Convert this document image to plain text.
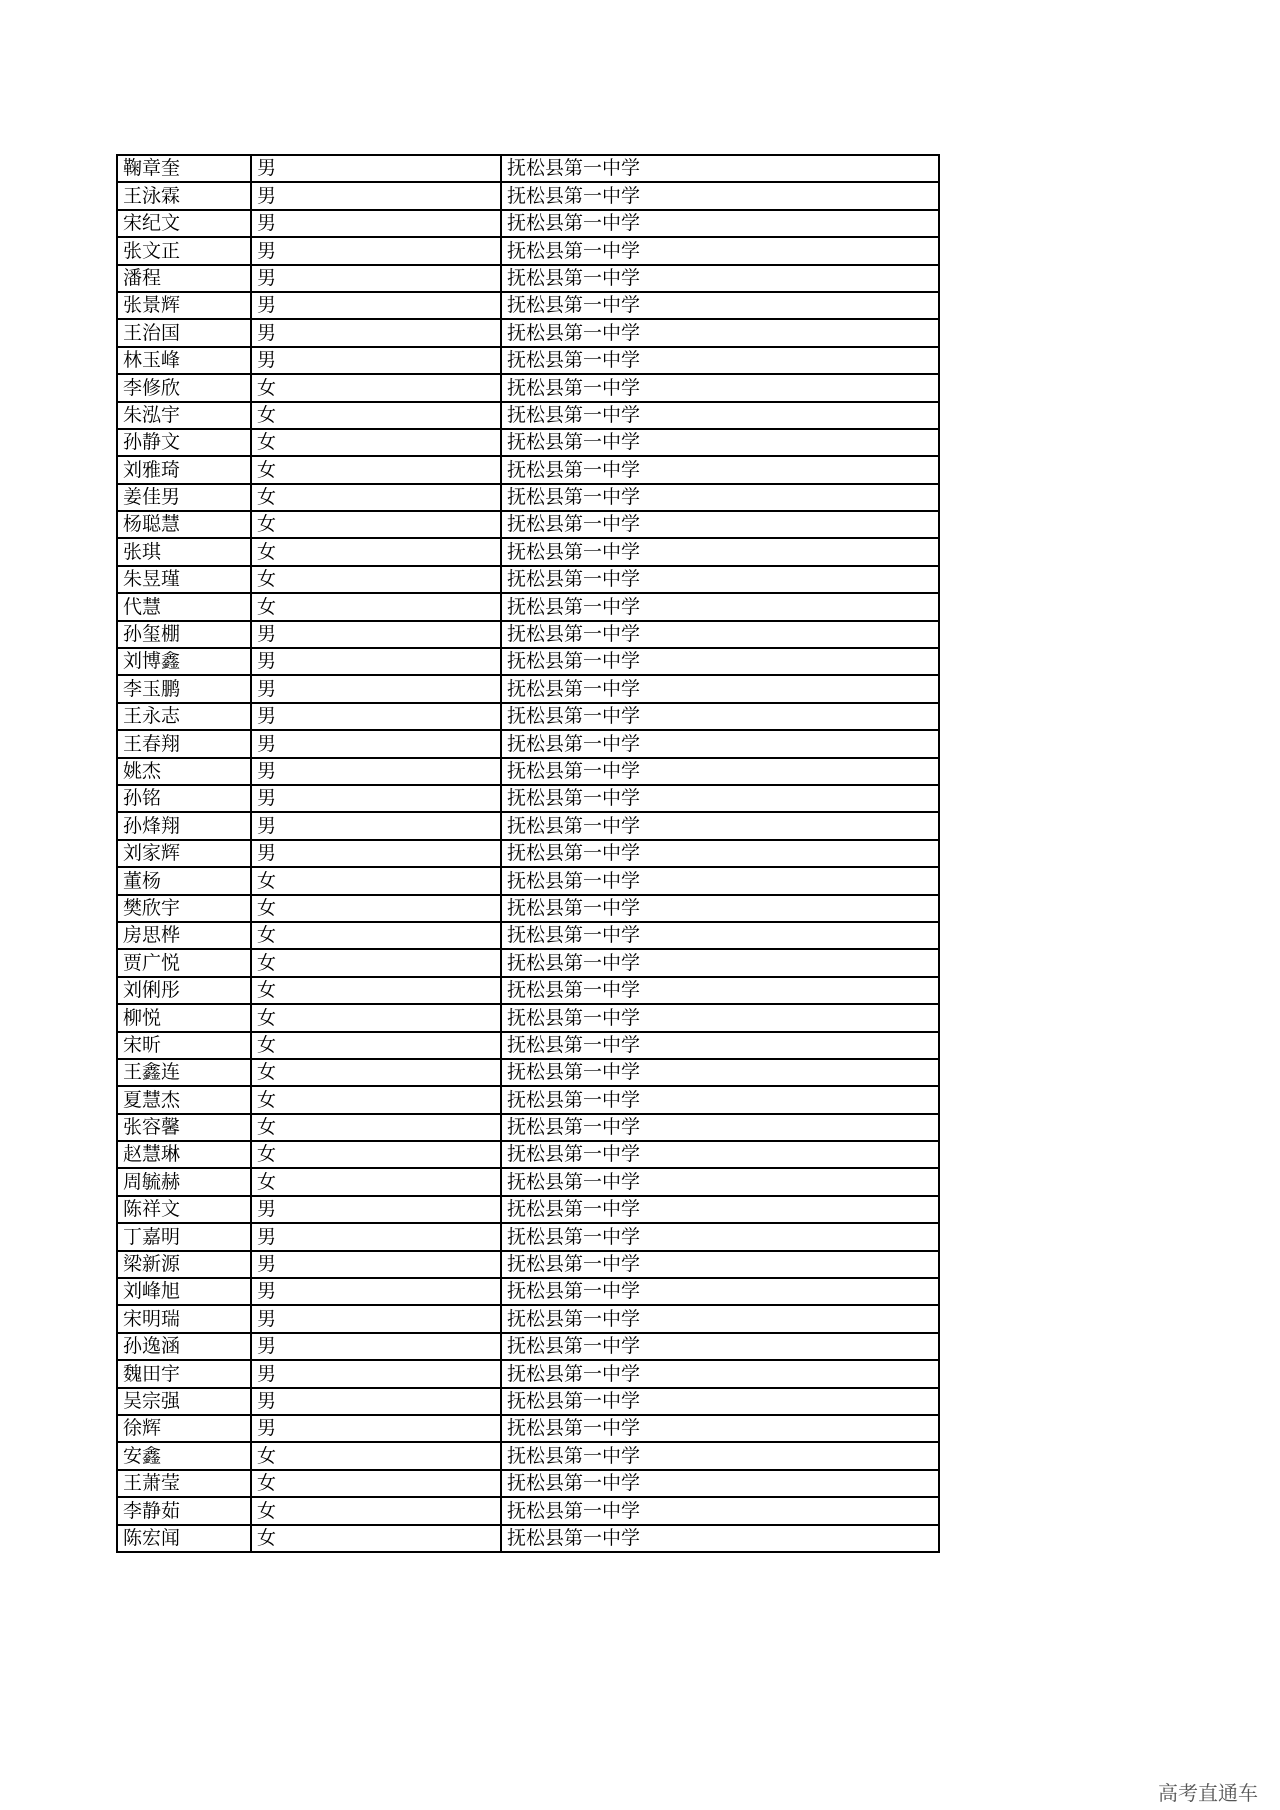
鞠章奎	男	抚松县第一中学
王泳霖	男	抚松县第一中学
宋纪文	男	抚松县第一中学
张文正	男	抚松县第一中学
潘程	男	抚松县第一中学
张景辉	男	抚松县第一中学
王治国	男	抚松县第一中学
林玉峰	男	抚松县第一中学
李修欣	女	抚松县第一中学
朱泓宇	女	抚松县第一中学
孙静文	女	抚松县第一中学
刘雅琦	女	抚松县第一中学
姜佳男	女	抚松县第一中学
杨聪慧	女	抚松县第一中学
张琪	女	抚松县第一中学
朱昱瑾	女	抚松县第一中学
代慧	女	抚松县第一中学
孙玺棚	男	抚松县第一中学
刘博鑫	男	抚松县第一中学
李玉鹏	男	抚松县第一中学
王永志	男	抚松县第一中学
王春翔	男	抚松县第一中学
姚杰	男	抚松县第一中学
孙铭	男	抚松县第一中学
孙烽翔	男	抚松县第一中学
刘家辉	男	抚松县第一中学
董杨	女	抚松县第一中学
樊欣宇	女	抚松县第一中学
房思桦	女	抚松县第一中学
贾广悦	女	抚松县第一中学
刘俐彤	女	抚松县第一中学
柳悦	女	抚松县第一中学
宋昕	女	抚松县第一中学
王鑫连	女	抚松县第一中学
夏慧杰	女	抚松县第一中学
张容馨	女	抚松县第一中学
赵慧琳	女	抚松县第一中学
周毓赫	女	抚松县第一中学
陈祥文	男	抚松县第一中学
丁嘉明	男	抚松县第一中学
梁新源	男	抚松县第一中学
刘峰旭	男	抚松县第一中学
宋明瑞	男	抚松县第一中学
孙逸涵	男	抚松县第一中学
魏田宇	男	抚松县第一中学
吴宗强	男	抚松县第一中学
徐辉	男	抚松县第一中学
安鑫	女	抚松县第一中学
王萧莹	女	抚松县第一中学
李静茹	女	抚松县第一中学
陈宏闻	女	抚松县第一中学
高考直通车
